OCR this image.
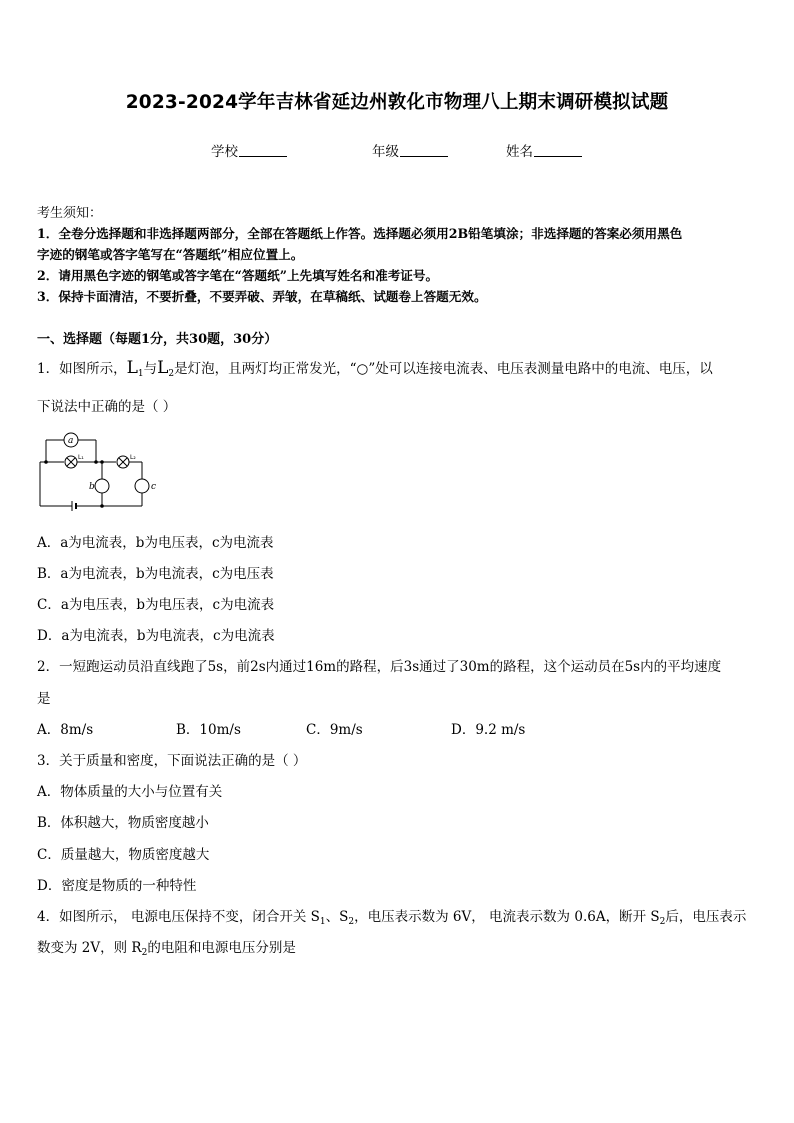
2023-2024学年吉林省延边州敦化市物理八上期末调研模拟试题
学校	年级	姓名
考生须知：
1．全卷分选择题和非选择题两部分，全部在答题纸上作答。选择题必须用2B铅笔填涂；非选择题的答案必须用黑色
字迹的钢笔或答字笔写在“答题纸”相应位置上。
2．请用黑色字迹的钢笔或答字笔在“答题纸”上先填写姓名和准考证号。
3．保持卡面清洁，不要折叠，不要弄破、弄皱，在草稿纸、试题卷上答题无效。
一、选择题（每题1分，共30题，30分）
1．如图所示，$L_1$与$L_2$是灯泡，且两灯均正常发光，“○”处可以连接电流表、电压表测量电路中的电流、电压，以
下说法中正确的是（ ）
a
b	c
L₁	L₂
A．a为电流表，b为电压表，c为电流表
B．a为电流表，b为电流表，c为电压表
C．a为电压表，b为电压表，c为电流表
D．a为电流表，b为电流表，c为电流表
2．一短跑运动员沿直线跑了5s，前2s内通过16m的路程，后3s通过了30m的路程，这个运动员在5s内的平均速度
是
A．8m/s	B．10m/s	C．9m/s	D．9.2 m/s
3．关于质量和密度，下面说法正确的是（ ）
A．物体质量的大小与位置有关
B．体积越大，物质密度越小
C．质量越大，物质密度越大
D．密度是物质的一种特性
4．如图所示， 电源电压保持不变，闭合开关 $S_1$、$S_2$，电压表示数为 6V， 电流表示数为 0.6A，断开 $S_2$后，电压表示
数变为 2V，则 $R_2$的电阻和电源电压分别是
